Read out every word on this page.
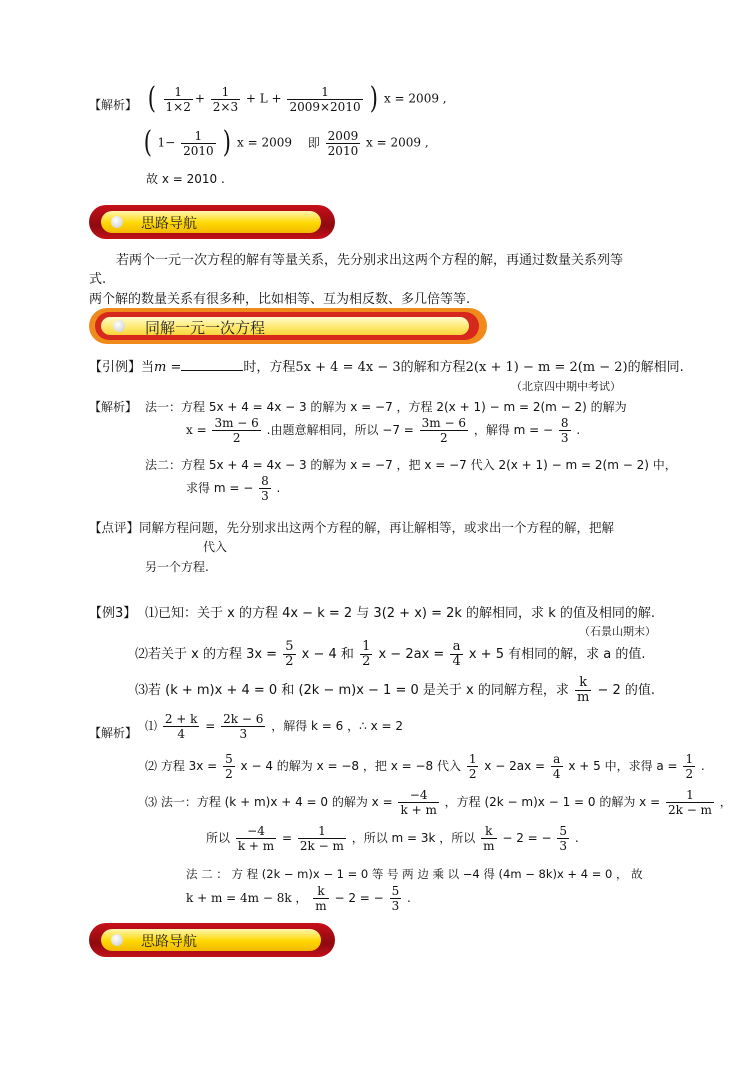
【解析】 ( $\frac{1}{1\times 2} + \frac{1}{2\times 3} + L + \frac{1}{2009\times 2010}$ ) x = 2009 ,
( $1- \frac{1}{2010}$ ) x = 2009 即 $\frac{2009}{2010}$ x = 2009 ,
故 x = 2010 .
思路导航
若两个一元一次方程的解有等量关系，先分别求出这两个方程的解，再通过数量关系列等
式.
两个解的数量关系有很多种，比如相等、互为相反数、多几倍等等.
同解一元一次方程
【引例】当m =	时，方程5x + 4 = 4x − 3的解和方程2(x + 1) − m = 2(m − 2)的解相同.
（北京四中期中考试）
【解析】 法一：方程 5x + 4 = 4x − 3 的解为 x = −7 ，方程 2(x + 1) − m = 2(m − 2) 的解为
$x = \frac{3m - 6}{2}$ .由题意解相同，所以 $-7 = \frac{3m - 6}{2}$ ，解得 m = − $\frac{8}{3}$ .
法二：方程 5x + 4 = 4x − 3 的解为 x = −7 ，把 x = −7 代入 2(x + 1) − m = 2(m − 2) 中，
求得 m = − $\frac{8}{3}$ .
【点评】同解方程问题，先分别求出这两个方程的解，再让解相等，或求出一个方程的解，把解
代入
另一个方程.
【例3】 ⑴已知：关于 x 的方程 4x − k = 2 与 3(2 + x) = 2k 的解相同，求 k 的值及相同的解.
（石景山期末）
⑵若关于 x 的方程 $3x = \frac{5}{2}$ x − 4 和 $\frac{1}{2}$ $x - 2ax = \frac{a}{4}$ x + 5 有相同的解，求 a 的值.
⑶若 (k + m)x + 4 = 0 和 (2k − m)x − 1 = 0 是关于 x 的同解方程，求 $\frac{k}{m} - 2$ 的值.
【解析】 ⑴ $\frac{2 + k}{4} = \frac{2k - 6}{3}$ ，解得 k = 6 ，∴ x = 2
⑵ 方程 $3x = \frac{5}{2}$ x − 4 的解为 x = −8 ，把 x = −8 代入 $\frac{1}{2}$ $x - 2ax = \frac{a}{4}$ x + 5 中，求得 $a = \frac{1}{2}$ .
⑶ 法一：方程 (k + m)x + 4 = 0 的解为 $x = \frac{-4}{k + m}$ ，方程 (2k − m)x − 1 = 0 的解为 $x = \frac{1}{2k - m}$ ，
所以 $\frac{-4}{k + m} = \frac{1}{2k - m}$ ，所以 m = 3k ，所以 $\frac{k}{m} - 2$ = − $\frac{5}{3}$ .
法 二 ： 方 程 (2k − m)x − 1 = 0 等 号 两 边 乘 以 −4 得 (4m − 8k)x + 4 = 0 ， 故
k + m = 4m − 8k ， $\frac{k}{m} - 2$ = − $\frac{5}{3}$ .
思路导航
